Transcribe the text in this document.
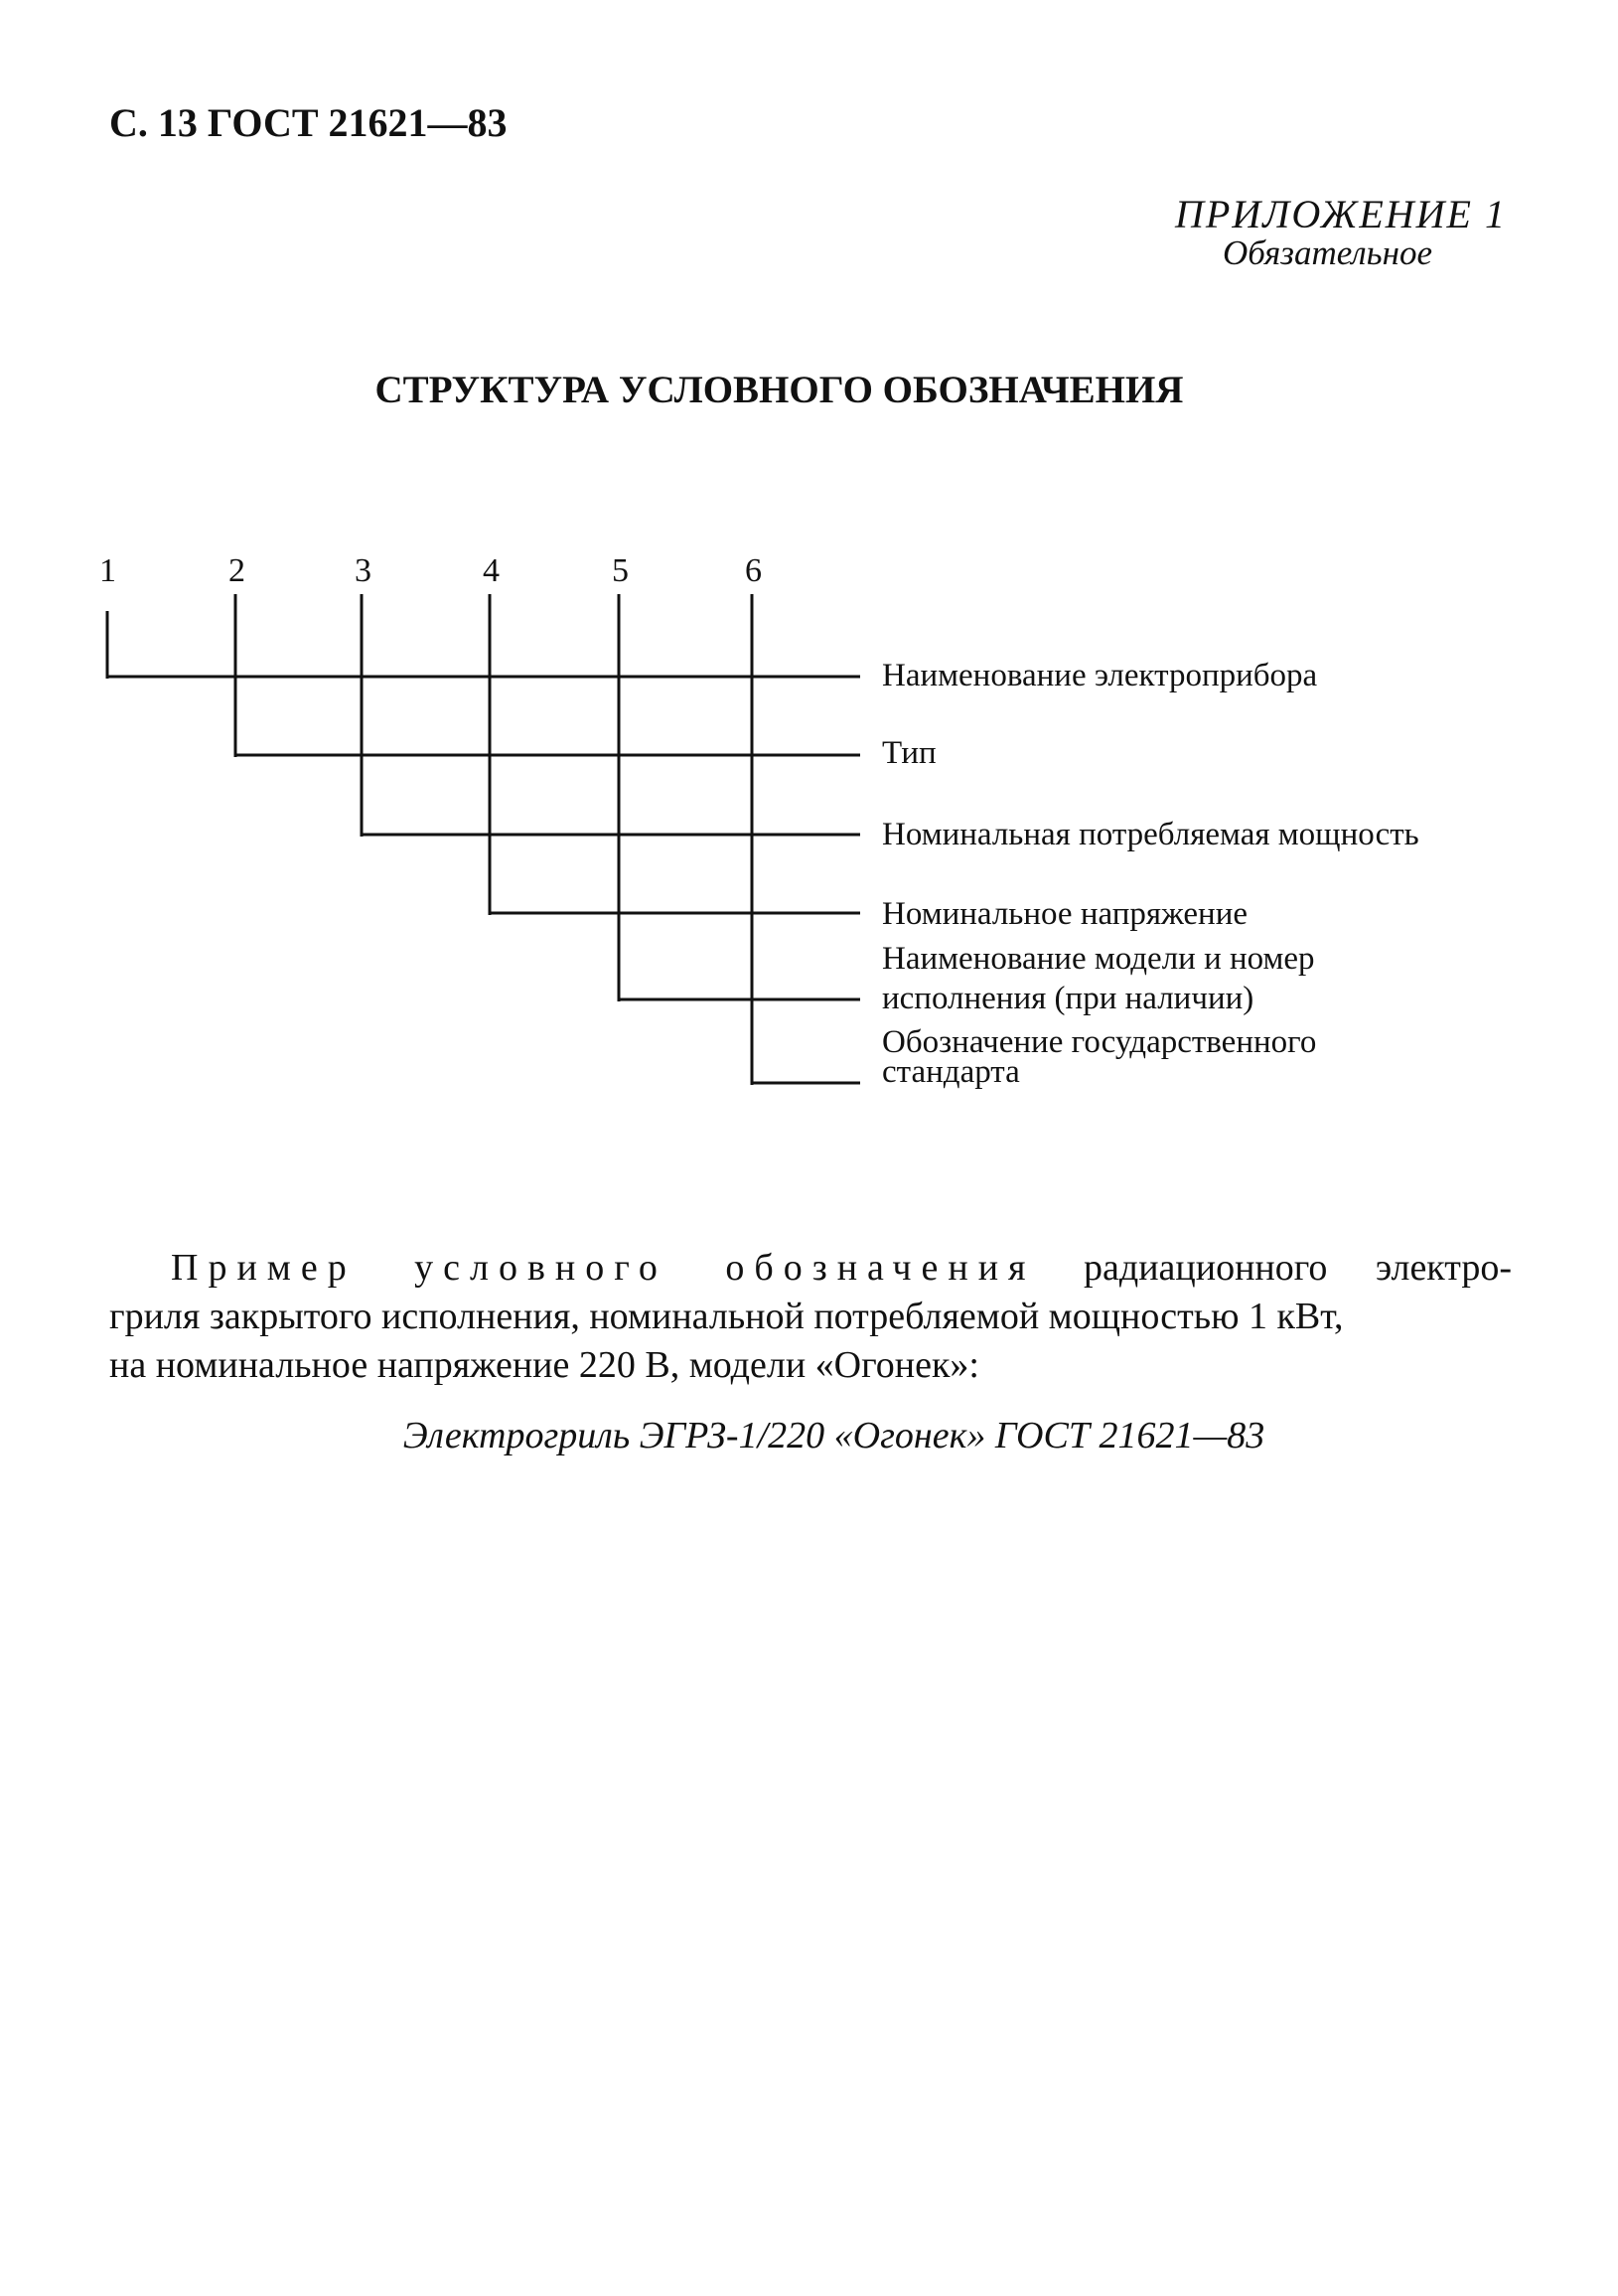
С. 13 ГОСТ 21621—83
ПРИЛОЖЕНИЕ 1
Обязательное
СТРУКТУРА УСЛОВНОГО ОБОЗНАЧЕНИЯ
1	2	3	4	5	6
Наименование электроприбора
Тип
Номинальная потребляемая мощность
Номинальное напряжение
Наименование модели и номер
исполнения (при наличии)
Обозначение государственного
стандарта
Пример условного обозначения радиационного электро-
гриля закрытого исполнения, номинальной потребляемой мощностью 1 кВт,
на номинальное напряжение 220 В, модели «Огонек»:
Электрогриль ЭГРЗ-1/220 «Огонек» ГОСТ 21621—83
